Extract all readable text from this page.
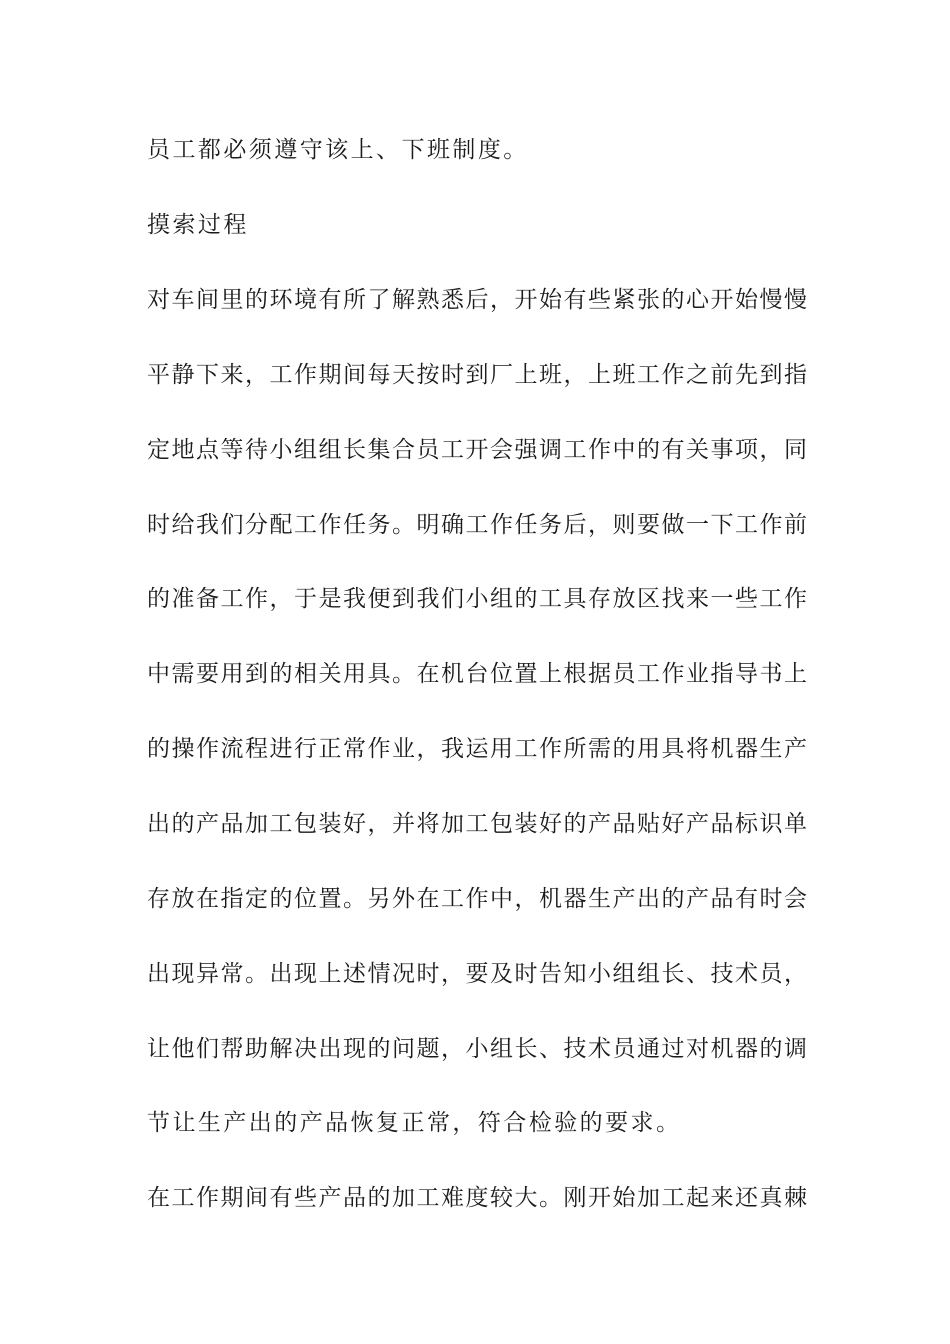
员工都必须遵守该上、下班制度。
摸索过程
对车间里的环境有所了解熟悉后，开始有些紧张的心开始慢慢
平静下来，工作期间每天按时到厂上班，上班工作之前先到指
定地点等待小组组长集合员工开会强调工作中的有关事项，同
时给我们分配工作任务。明确工作任务后，则要做一下工作前
的准备工作，于是我便到我们小组的工具存放区找来一些工作
中需要用到的相关用具。在机台位置上根据员工作业指导书上
的操作流程进行正常作业，我运用工作所需的用具将机器生产
出的产品加工包装好，并将加工包装好的产品贴好产品标识单
存放在指定的位置。另外在工作中，机器生产出的产品有时会
出现异常。出现上述情况时，要及时告知小组组长、技术员，
让他们帮助解决出现的问题，小组长、技术员通过对机器的调
节让生产出的产品恢复正常，符合检验的要求。
在工作期间有些产品的加工难度较大。刚开始加工起来还真棘
